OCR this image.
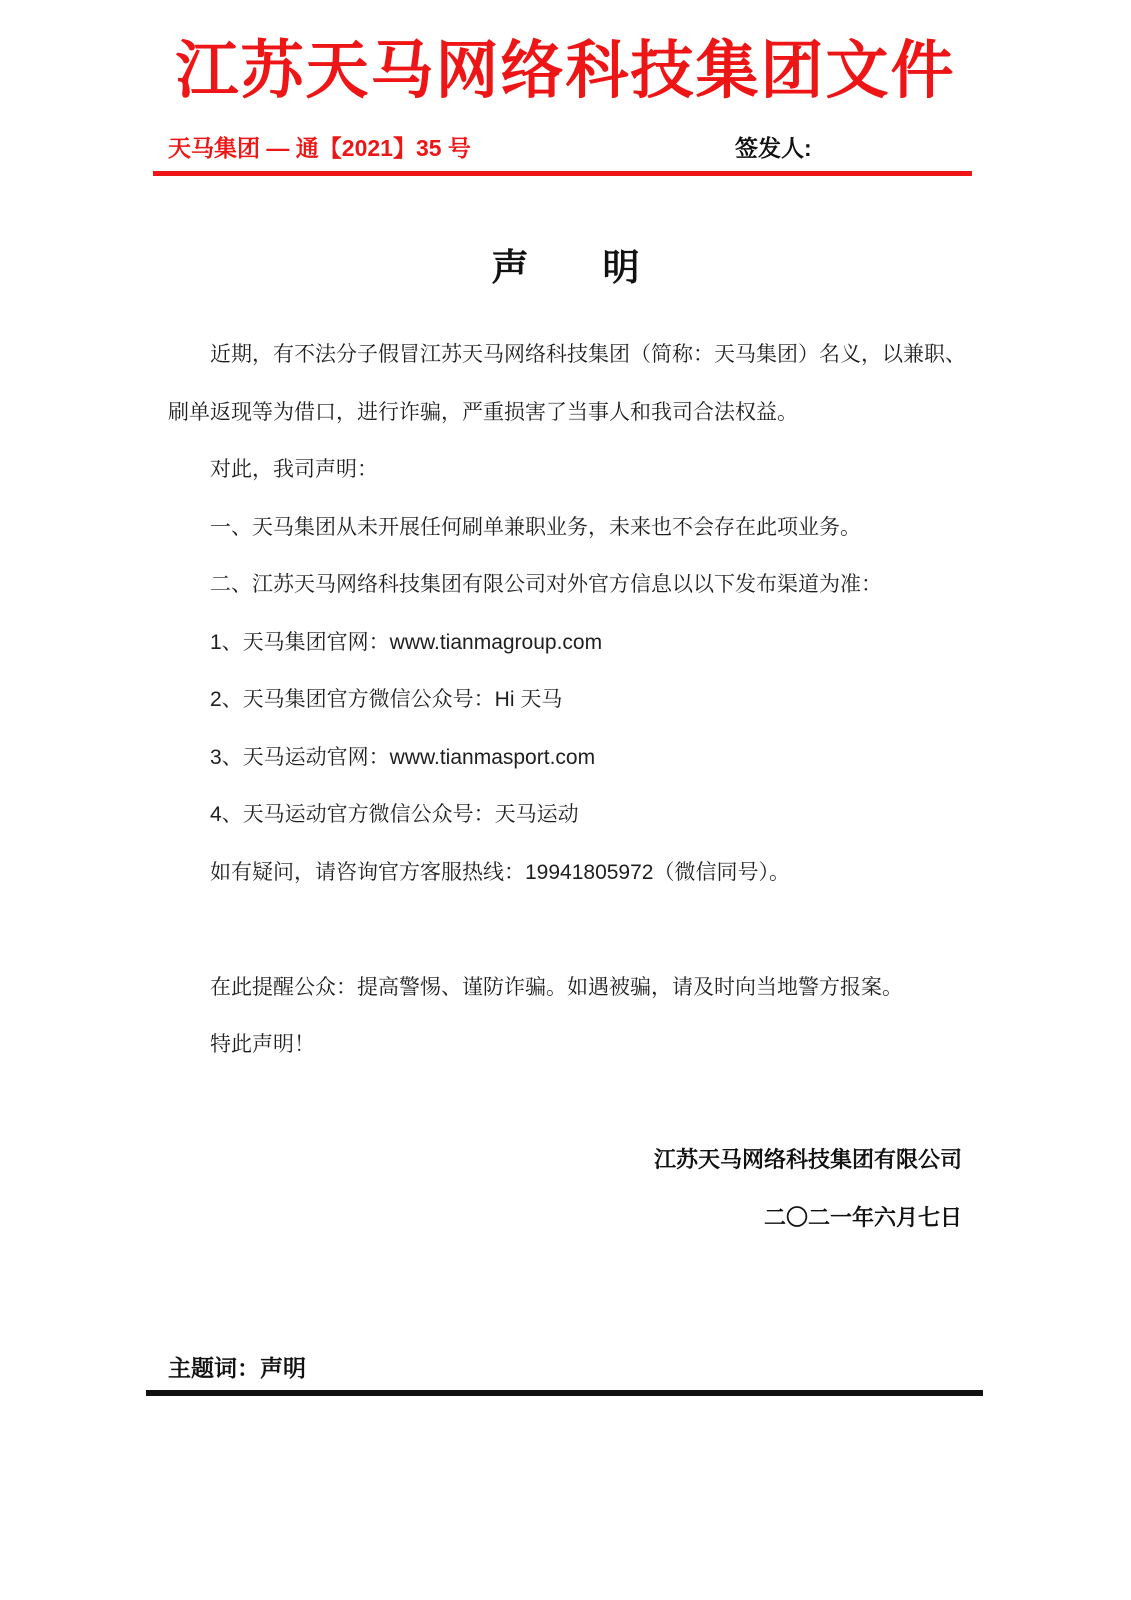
江苏天马网络科技集团文件
天马集团 — 通【2021】35 号	签发人:
声　　明

近期，有不法分子假冒江苏天马网络科技集团（简称：天马集团）名义，以兼职、刷单返现等为借口，进行诈骗，严重损害了当事人和我司合法权益。

对此，我司声明：

一、天马集团从未开展任何刷单兼职业务，未来也不会存在此项业务。

二、江苏天马网络科技集团有限公司对外官方信息以以下发布渠道为准：

1、天马集团官网：www.tianmagroup.com

2、天马集团官方微信公众号：Hi 天马

3、天马运动官网：www.tianmasport.com

4、天马运动官方微信公众号：天马运动

如有疑问，请咨询官方客服热线：19941805972（微信同号）。

在此提醒公众：提高警惕、谨防诈骗。如遇被骗，请及时向当地警方报案。

特此声明！

江苏天马网络科技集团有限公司
二〇二一年六月七日
主题词：声明
